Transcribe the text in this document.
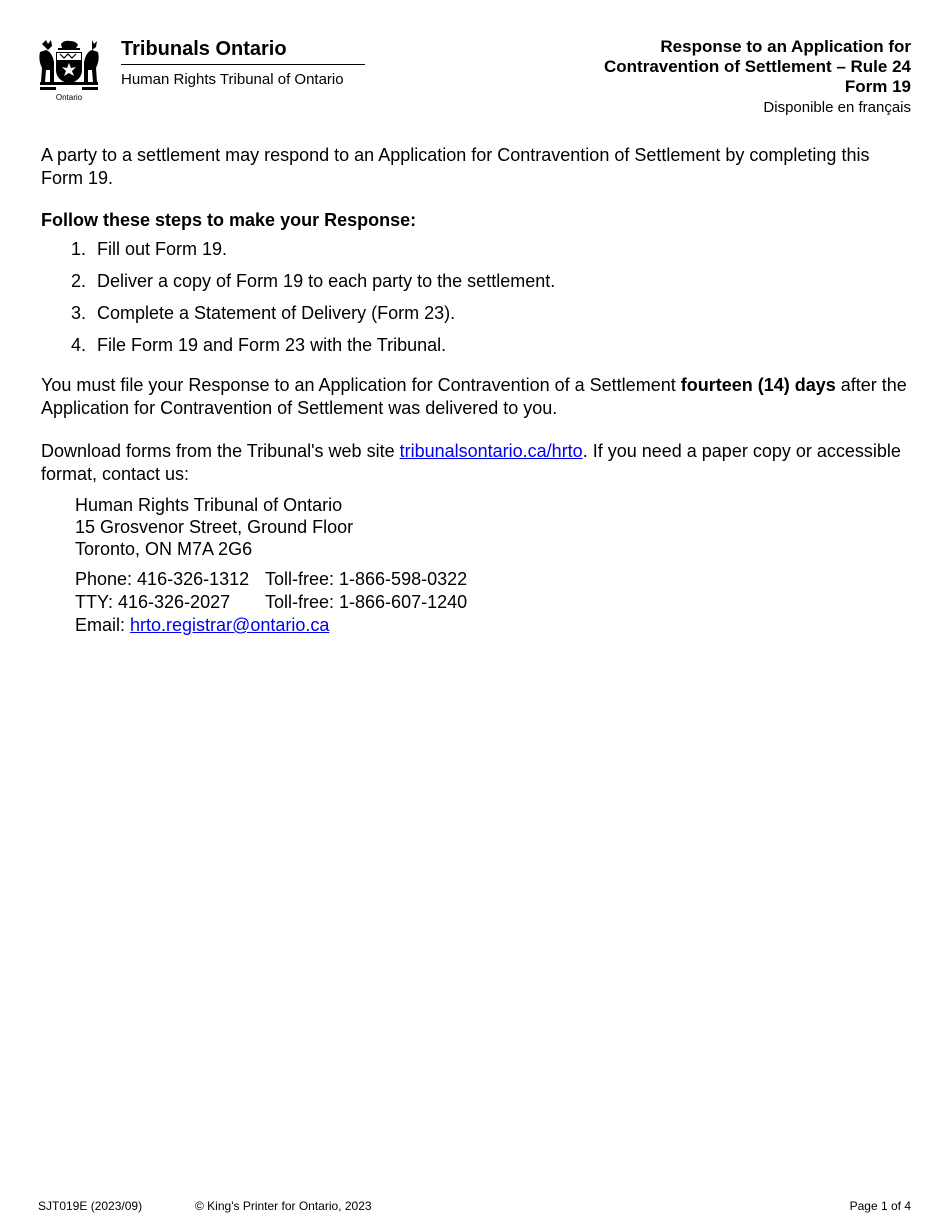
Ontario
Tribunals Ontario
Human Rights Tribunal of Ontario
Response to an Application for
Contravention of Settlement – Rule 24
Form 19
Disponible en français

A party to a settlement may respond to an Application for Contravention of Settlement by completing this Form 19.

Follow these steps to make your Response:

1. Fill out Form 19.
2. Deliver a copy of Form 19 to each party to the settlement.
3. Complete a Statement of Delivery (Form 23).
4. File Form 19 and Form 23 with the Tribunal.

You must file your Response to an Application for Contravention of a Settlement fourteen (14) days after the Application for Contravention of Settlement was delivered to you.

Download forms from the Tribunal's web site tribunalsontario.ca/hrto. If you need a paper copy or accessible format, contact us:

Human Rights Tribunal of Ontario
15 Grosvenor Street, Ground Floor
Toronto, ON M7A 2G6
Phone: 416-326-1312 Toll-free: 1-866-598-0322
TTY: 416-326-2027	Toll-free: 1-866-607-1240
Email: hrto.registrar@ontario.ca
SJT019E (2023/09)	© King's Printer for Ontario, 2023	Page 1 of 4
